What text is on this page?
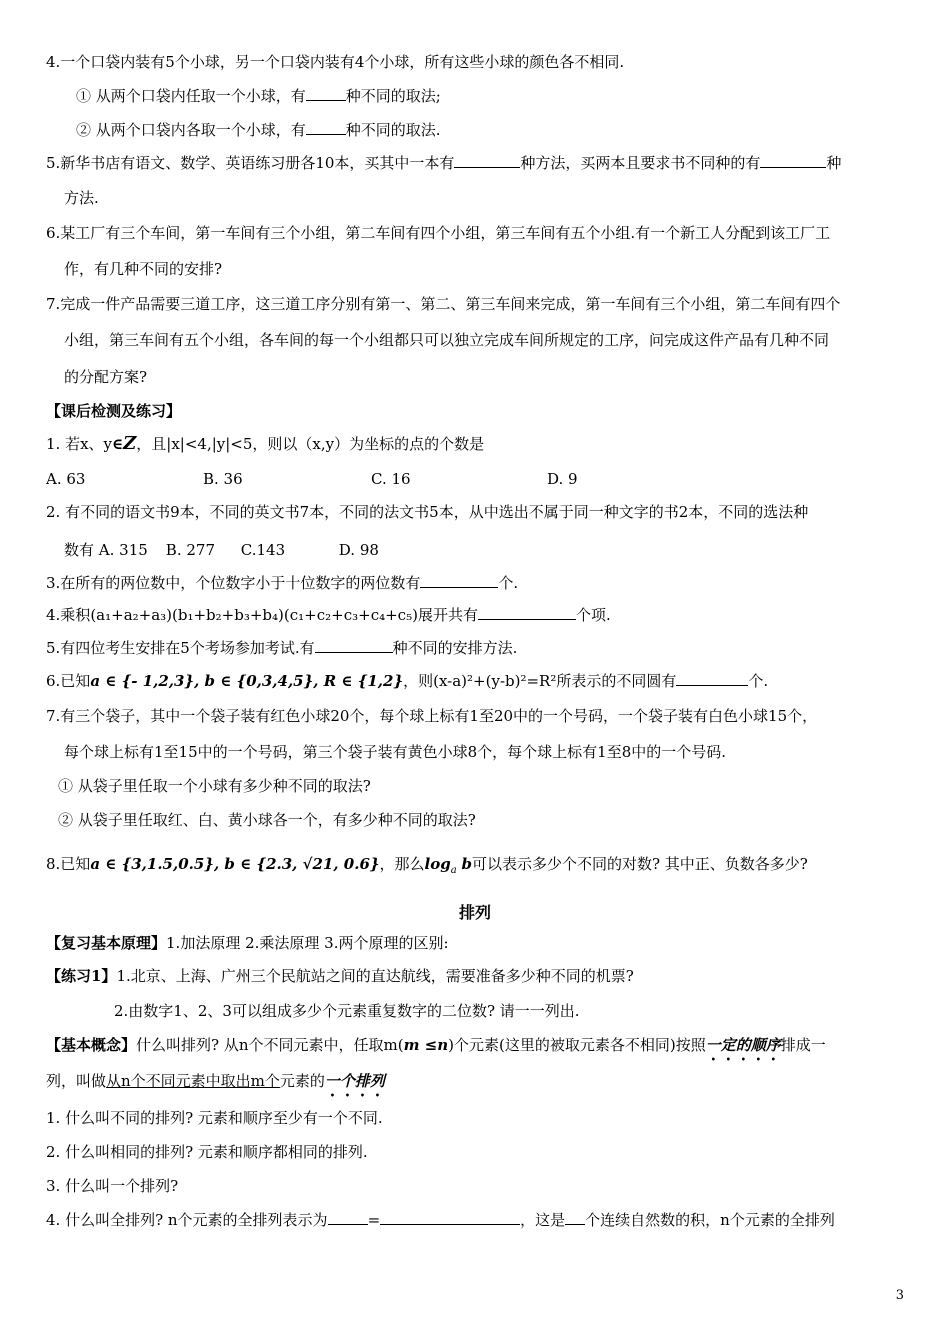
4.一个口袋内装有5个小球，另一个口袋内装有4个小球，所有这些小球的颜色各不相同.
① 从两个口袋内任取一个小球，有	种不同的取法;
② 从两个口袋内各取一个小球，有	种不同的取法.
5.新华书店有语文、数学、英语练习册各10本，买其中一本有	种方法，买两本且要求书不同种的有	种
方法.
6.某工厂有三个车间，第一车间有三个小组，第二车间有四个小组，第三车间有五个小组.有一个新工人分配到该工厂工
作，有几种不同的安排?
7.完成一件产品需要三道工序，这三道工序分别有第一、第二、第三车间来完成，第一车间有三个小组，第二车间有四个
小组，第三车间有五个小组，各车间的每一个小组都只可以独立完成车间所规定的工序，问完成这件产品有几种不同
的分配方案?
【课后检测及练习】
1. 若x、y∈Z，且|x|<4,|y|<5，则以（x,y）为坐标的点的个数是
A. 63	B. 36	C. 16	D. 9
2. 有不同的语文书9本，不同的英文书7本，不同的法文书5本，从中选出不属于同一种文字的书2本，不同的选法种
数有 A. 315 B. 277 C.143	D. 98
3.在所有的两位数中，个位数字小于十位数字的两位数有	个.
4.乘积(a₁+a₂+a₃)(b₁+b₂+b₃+b₄)(c₁+c₂+c₃+c₄+c₅)展开共有	个项.
5.有四位考生安排在5个考场参加考试.有	种不同的安排方法.
6.已知a ∈ {- 1,2,3}, b ∈ {0,3,4,5}, R ∈ {1,2}，则(x-a)²+(y-b)²=R²所表示的不同圆有	个.
7.有三个袋子，其中一个袋子装有红色小球20个，每个球上标有1至20中的一个号码，一个袋子装有白色小球15个，
每个球上标有1至15中的一个号码，第三个袋子装有黄色小球8个，每个球上标有1至8中的一个号码.
① 从袋子里任取一个小球有多少种不同的取法?
② 从袋子里任取红、白、黄小球各一个，有多少种不同的取法?
8.已知a ∈ {3,1.5,0.5}, b ∈ {2.3, √21, 0.6}，那么$\log_a b$可以表示多少个不同的对数? 其中正、负数各多少?
排列
【复习基本原理】1.加法原理 2.乘法原理 3.两个原理的区别:
【练习1】1.北京、上海、广州三个民航站之间的直达航线，需要准备多少种不同的机票?
2.由数字1、2、3可以组成多少个元素重复数字的二位数? 请一一列出.
【基本概念】什么叫排列? 从n个不同元素中，任取m(m ≤n)个元素(这里的被取元素各不相同)按照一定的顺序排成一
列，叫做从n个不同元素中取出m个元素的一个排列
1. 什么叫不同的排列? 元素和顺序至少有一个不同.
2. 什么叫相同的排列? 元素和顺序都相同的排列.
3. 什么叫一个排列?
4. 什么叫全排列? n个元素的全排列表示为	=	，这是 个连续自然数的积，n个元素的全排列
3
